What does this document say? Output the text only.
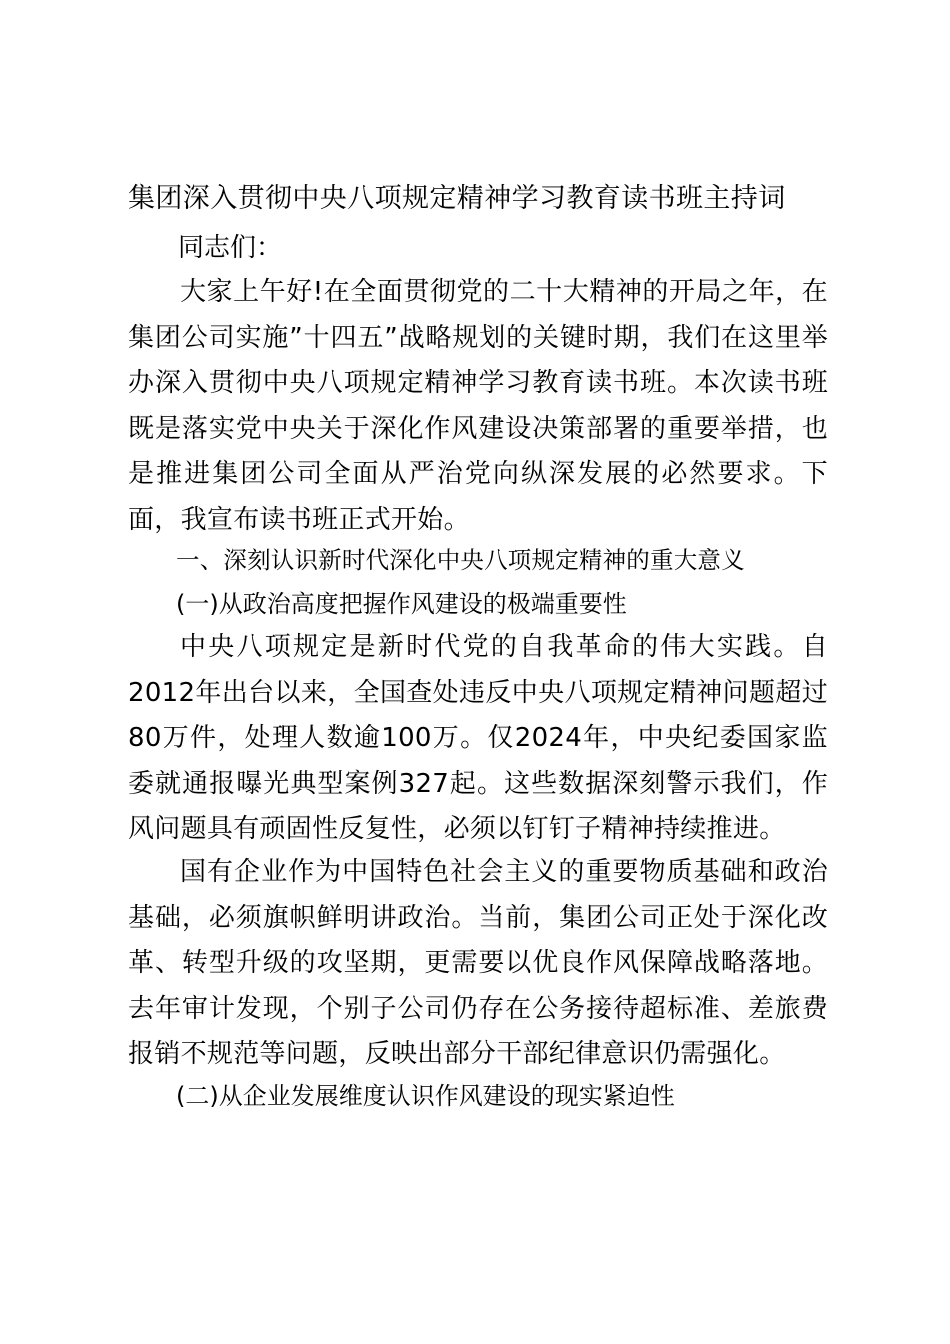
集团深入贯彻中央八项规定精神学习教育读书班主持词
同志们：

大家上午好!在全面贯彻党的二十大精神的开局之年，在集团公司实施”十四五”战略规划的关键时期，我们在这里举办深入贯彻中央八项规定精神学习教育读书班。本次读书班既是落实党中央关于深化作风建设决策部署的重要举措，也是推进集团公司全面从严治党向纵深发展的必然要求。下面，我宣布读书班正式开始。

一、深刻认识新时代深化中央八项规定精神的重大意义
(一)从政治高度把握作风建设的极端重要性

中央八项规定是新时代党的自我革命的伟大实践。自2012年出台以来，全国查处违反中央八项规定精神问题超过80万件，处理人数逾100万。仅2024年，中央纪委国家监委就通报曝光典型案例327起。这些数据深刻警示我们，作风问题具有顽固性反复性，必须以钉钉子精神持续推进。

国有企业作为中国特色社会主义的重要物质基础和政治基础，必须旗帜鲜明讲政治。当前，集团公司正处于深化改革、转型升级的攻坚期，更需要以优良作风保障战略落地。去年审计发现，个别子公司仍存在公务接待超标准、差旅费报销不规范等问题，反映出部分干部纪律意识仍需强化。

(二)从企业发展维度认识作风建设的现实紧迫性
